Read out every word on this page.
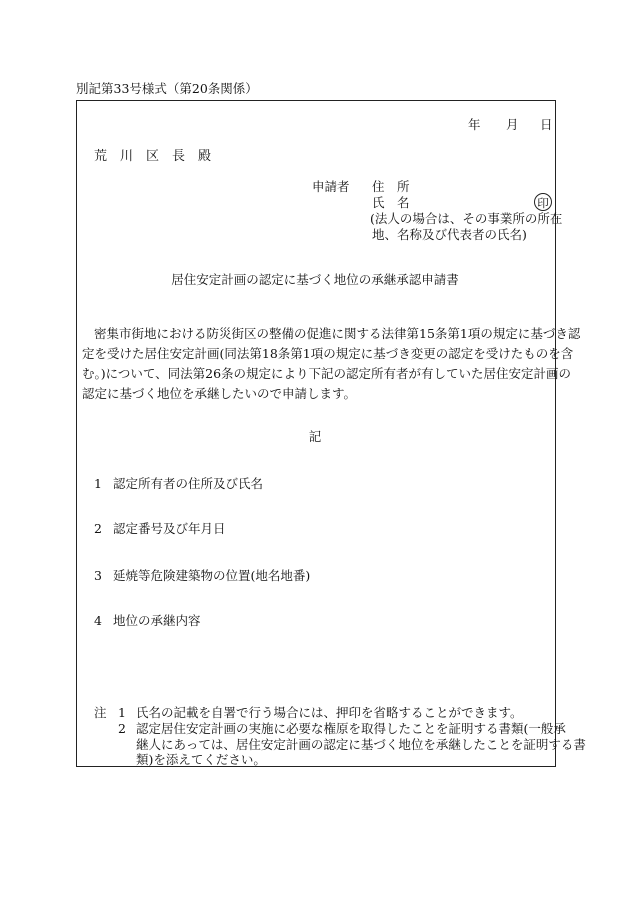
別記第33号様式（第20条関係）
年 月 日
荒　川　区　長　殿
申請者 住　所
氏　名	印
(法人の場合は、その事業所の所在
地、名称及び代表者の氏名)
居住安定計画の認定に基づく地位の承継承認申請書
密集市街地における防災街区の整備の促進に関する法律第15条第1項の規定に基づき認
定を受けた居住安定計画(同法第18条第1項の規定に基づき変更の認定を受けたものを含
む。)について、同法第26条の規定により下記の認定所有者が有していた居住安定計画の
認定に基づく地位を承継したいので申請します。
記
1 認定所有者の住所及び氏名
2 認定番号及び年月日
3 延焼等危険建築物の位置(地名地番)
4 地位の承継内容
注 1 氏名の記載を自署で行う場合には、押印を省略することができます。
2 認定居住安定計画の実施に必要な権原を取得したことを証明する書類(一般承
継人にあっては、居住安定計画の認定に基づく地位を承継したことを証明する書
類)を添えてください。
